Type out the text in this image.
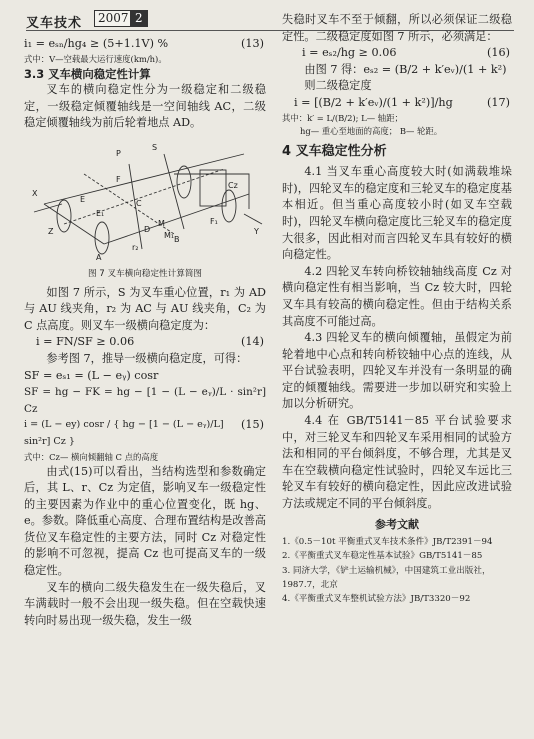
叉车技术	2007 2
i₁ = eₛₙ/hg₄ ≥ (5+1.1V) %	(13)

式中：V—空载最大运行速度(km/h)。

3.3 叉车横向稳定性计算

叉车的横向稳定性分为一级稳定和二级稳定，一级稳定倾覆轴线是一空间轴线 AC，二级稳定倾覆轴线为前后轮着地点 AD。

S
P
X
F
E	C
E₁
Z
A
B
D
M
M₁
Cz
F₁
Y
r₂

图 7 叉车横向稳定性计算简图

如图 7 所示，S 为叉车重心位置，r₁ 为 AD 与 AU 线夹角，r₂ 为 AC 与 AU 线夹角，C₂ 为 C 点高度。则叉车一级横向稳定度为：

i = FN/SF ≥ 0.06	(14)

参考图 7，推导一级横向稳定度，可得：

SF = eₛ₁ = (L − eᵧ) cosr

SF = hg − FK = hg − [1 − (L − eᵧ)/L · sin²r] Cz

i = (L − ey) cosr / { hg − [1 − (L − eᵧ)/L] sin²r] Cz }
(15)

式中：Cz— 横向倾翻轴 C 点的高度

由式(15)可以看出，当结构选型和参数确定后，其 L、r、Cz 为定值，影响叉车一级稳定性的主要因素为作业中的重心位置变化，既 hg、e。参数。降低重心高度、合理布置结构是改善高货位叉车稳定性的主要方法，同时 Cz 对稳定性的影响不可忽视，提高 Cz 也可提高叉车的一级稳定性。

叉车的横向二级失稳发生在一级失稳后，叉车满载时一般不会出现一级失稳。但在空载快速转向时易出现一级失稳，发生一级

失稳时叉车不至于倾翻，所以必须保证二级稳定性。二级稳定度如图 7 所示，必须满足：

i = eₛ₂/hg ≥ 0.06	(16)

由图 7 得：eₛ₂ = (B/2 + k′eᵥ)/(1 + k²)

则二级稳定度

i = [(B/2 + k′eᵥ)/(1 + k²)]/hg	(17)

其中：k′ = L/(B/2); L— 轴距；

hg— 重心至地面的高度； B— 轮距。

4 叉车稳定性分析

4.1 当叉车重心高度较大时(如满载堆垛时)，四轮叉车的稳定度和三轮叉车的稳定度基本相近。但当重心高度较小时(如叉车空载时)，四轮叉车横向稳定度比三轮叉车的稳定度大很多，因此相对而言四轮叉车具有较好的横向稳定性。

4.2 四轮叉车转向桥铰轴轴线高度 Cz 对横向稳定性有相当影响，当 Cz 较大时，四轮叉车具有较高的横向稳定性。但由于结构关系其高度不可能过高。

4.3 四轮叉车的横向倾覆轴，虽假定为前轮着地中心点和转向桥铰轴中心点的连线，从平台试验表明，四轮叉车并没有一条明显的确定的倾覆轴线。需要进一步加以研究和实验上加以分析研究。

4.4 在 GB/T5141－85 平台试验要求中，对三轮叉车和四轮叉车采用相同的试验方法和相同的平台倾斜度，不够合理，尤其是叉车在空载横向稳定性试验时，四轮叉车远比三轮叉车有较好的横向稳定性，因此应改进试验方法或规定不同的平台倾斜度。

参考文献

1.《0.5－10t 平衡重式叉车技术条件》JB/T2391－94

2.《平衡重式叉车稳定性基本试验》GB/T5141－85

3. 同济大学，《铲土运输机械》，中国建筑工业出版社，1987.7，北京

4.《平衡重式叉车整机试验方法》JB/T3320－92
